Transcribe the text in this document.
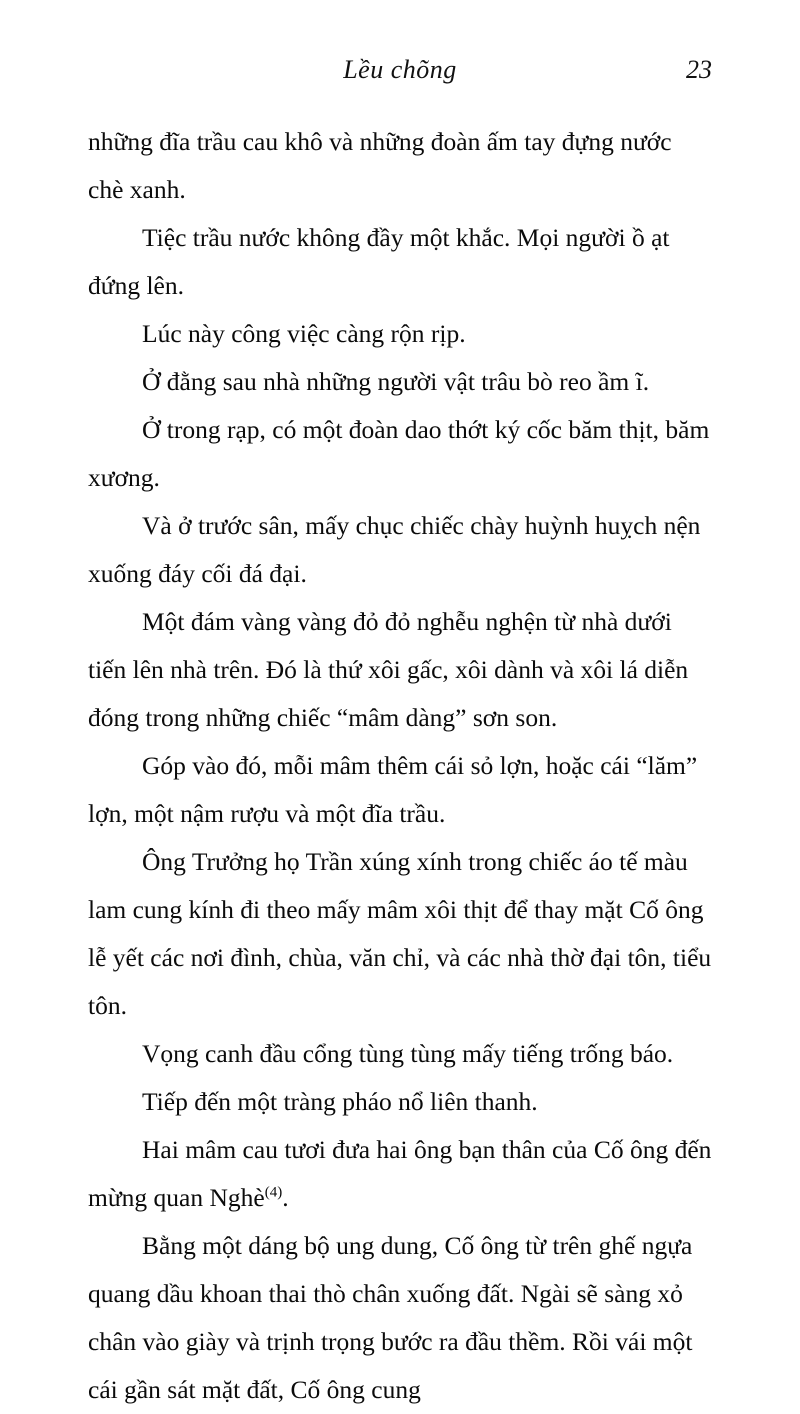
Lều chõng	23

những đĩa trầu cau khô và những đoàn ấm tay đựng nước chè xanh.

Tiệc trầu nước không đầy một khắc. Mọi người ồ ạt đứng lên.

Lúc này công việc càng rộn rịp.

Ở đằng sau nhà những người vật trâu bò reo ầm ĩ.

Ở trong rạp, có một đoàn dao thớt ký cốc băm thịt, băm xương.

Và ở trước sân, mấy chục chiếc chày huỳnh huỵch nện xuống đáy cối đá đại.

Một đám vàng vàng đỏ đỏ nghễu nghện từ nhà dưới tiến lên nhà trên. Đó là thứ xôi gấc, xôi dành và xôi lá diễn đóng trong những chiếc “mâm dàng” sơn son.

Góp vào đó, mỗi mâm thêm cái sỏ lợn, hoặc cái “lăm” lợn, một nậm rượu và một đĩa trầu.

Ông Trưởng họ Trần xúng xính trong chiếc áo tế màu lam cung kính đi theo mấy mâm xôi thịt để thay mặt Cố ông lễ yết các nơi đình, chùa, văn chỉ, và các nhà thờ đại tôn, tiểu tôn.

Vọng canh đầu cổng tùng tùng mấy tiếng trống báo.

Tiếp đến một tràng pháo nổ liên thanh.

Hai mâm cau tươi đưa hai ông bạn thân của Cố ông đến mừng quan Nghè$^{(4)}$.

Bằng một dáng bộ ung dung, Cố ông từ trên ghế ngựa quang dầu khoan thai thò chân xuống đất. Ngài sẽ sàng xỏ chân vào giày và trịnh trọng bước ra đầu thềm. Rồi vái một cái gần sát mặt đất, Cố ông cung
